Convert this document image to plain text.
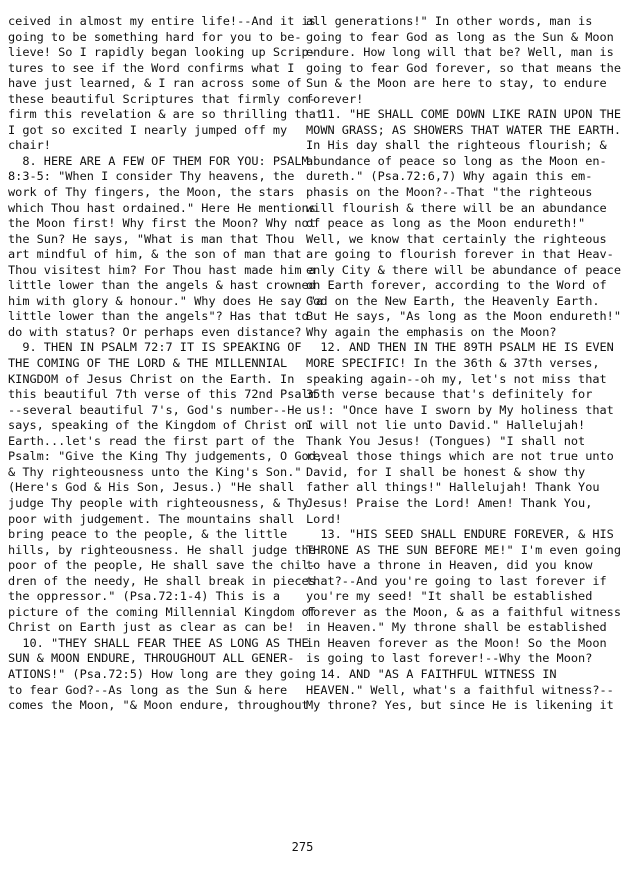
ceived in almost my entire life!--And it is
going to be something hard for you to be-
lieve! So I rapidly began looking up Scrip-
tures to see if the Word confirms what I
have just learned, & I ran across some of
these beautiful Scriptures that firmly con-
firm this revelation & are so thrilling that
I got so excited I nearly jumped off my
chair!
8. HERE ARE A FEW OF THEM FOR YOU: PSALM
8:3-5: "When I consider Thy heavens, the
work of Thy fingers, the Moon, the stars
which Thou hast ordained." Here He mentions
the Moon first! Why first the Moon? Why not
the Sun? He says, "What is man that Thou
art mindful of him, & the son of man that
Thou visitest him? For Thou hast made him a
little lower than the angels & hast crowned
him with glory & honour." Why does He say "a
little lower than the angels"? Has that to
do with status? Or perhaps even distance?
9. THEN IN PSALM 72:7 IT IS SPEAKING OF
THE COMING OF THE LORD & THE MILLENNIAL
KINGDOM of Jesus Christ on the Earth. In
this beautiful 7th verse of this 72nd Psalm
--several beautiful 7's, God's number--He
says, speaking of the Kingdom of Christ on
Earth...let's read the first part of the
Psalm: "Give the King Thy judgements, O God,
& Thy righteousness unto the King's Son."
(Here's God & His Son, Jesus.) "He shall
judge Thy people with righteousness, & Thy
poor with judgement. The mountains shall
bring peace to the people, & the little
hills, by righteousness. He shall judge the
poor of the people, He shall save the chil-
dren of the needy, He shall break in pieces
the oppressor." (Psa.72:1-4) This is a
picture of the coming Millennial Kingdom of
Christ on Earth just as clear as can be!
10. "THEY SHALL FEAR THEE AS LONG AS THE
SUN & MOON ENDURE, THROUGHOUT ALL GENER-
ATIONS!" (Psa.72:5) How long are they going
to fear God?--As long as the Sun & here
comes the Moon, "& Moon endure, throughout
all generations!" In other words, man is
going to fear God as long as the Sun & Moon
endure. How long will that be? Well, man is
going to fear God forever, so that means the
Sun & the Moon are here to stay, to endure
forever!
11. "HE SHALL COME DOWN LIKE RAIN UPON THE
MOWN GRASS; AS SHOWERS THAT WATER THE EARTH.
In His day shall the righteous flourish; &
abundance of peace so long as the Moon en-
dureth." (Psa.72:6,7) Why again this em-
phasis on the Moon?--That "the righteous
will flourish & there will be an abundance
of peace as long as the Moon endureth!"
Well, we know that certainly the righteous
are going to flourish forever in that Heav-
enly City & there will be abundance of peace
on Earth forever, according to the Word of
God on the New Earth, the Heavenly Earth.
But He says, "As long as the Moon endureth!"
Why again the emphasis on the Moon?
12. AND THEN IN THE 89TH PSALM HE IS EVEN
MORE SPECIFIC! In the 36th & 37th verses,
speaking again--oh my, let's not miss that
35th verse because that's definitely for
us!: "Once have I sworn by My holiness that
I will not lie unto David." Hallelujah!
Thank You Jesus! (Tongues) "I shall not
reveal those things which are not true unto
David, for I shall be honest & show thy
father all things!" Hallelujah! Thank You
Jesus! Praise the Lord! Amen! Thank You,
Lord!
13. "HIS SEED SHALL ENDURE FOREVER, & HIS
THRONE AS THE SUN BEFORE ME!" I'm even going
to have a throne in Heaven, did you know
that?--And you're going to last forever if
you're my seed! "It shall be established
forever as the Moon, & as a faithful witness
in Heaven." My throne shall be established
in Heaven forever as the Moon! So the Moon
is going to last forever!--Why the Moon?
14. AND "AS A FAITHFUL WITNESS IN
HEAVEN." Well, what's a faithful witness?--
My throne? Yes, but since He is likening it
275
